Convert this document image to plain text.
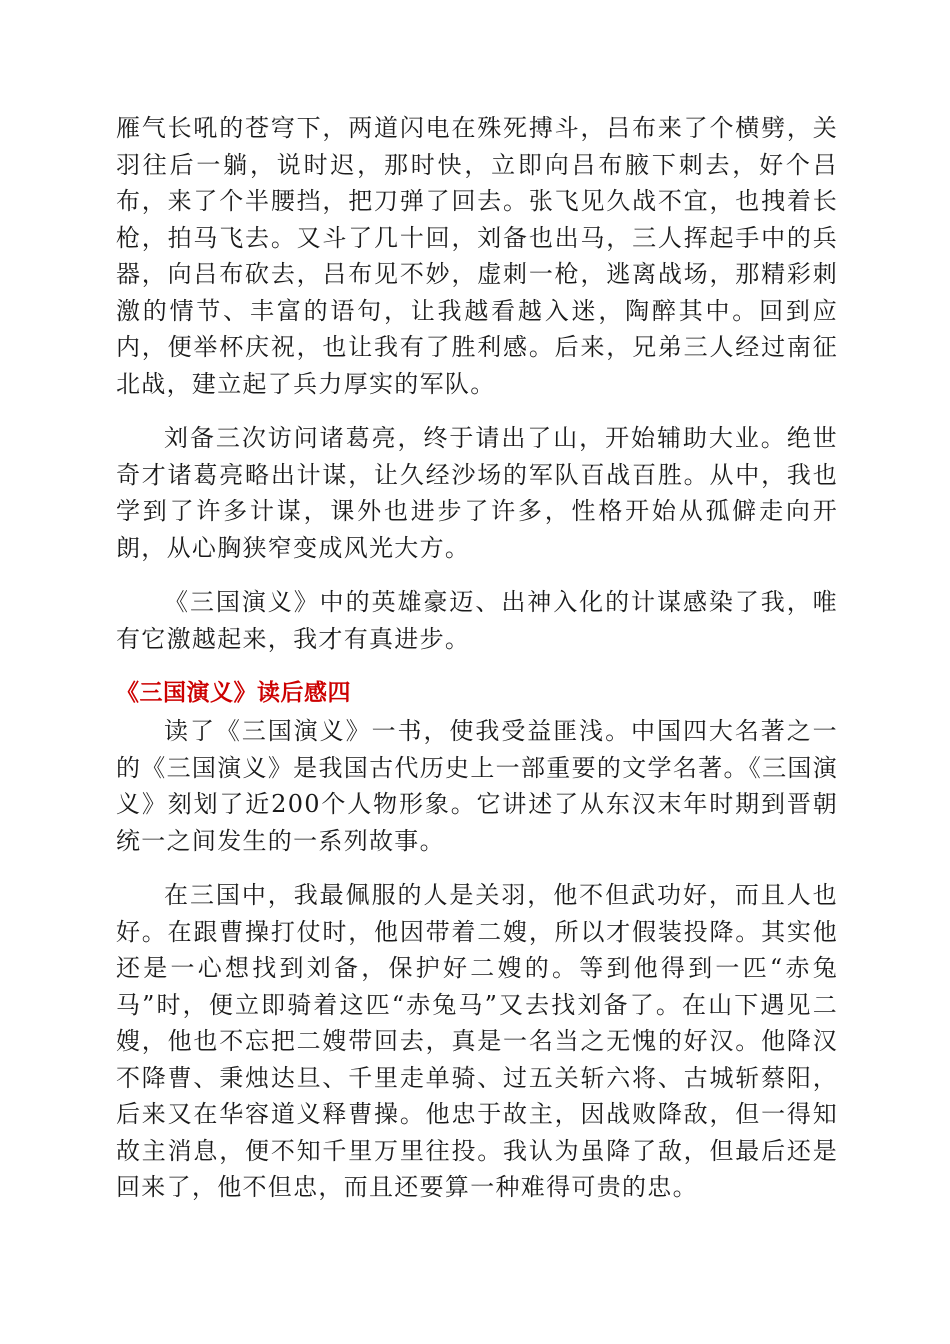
雁气长吼的苍穹下，两道闪电在殊死搏斗，吕布来了个横劈，关羽往后一躺，说时迟，那时快，立即向吕布腋下刺去，好个吕布，来了个半腰挡，把刀弹了回去。张飞见久战不宜，也拽着长枪，拍马飞去。又斗了几十回，刘备也出马，三人挥起手中的兵器，向吕布砍去，吕布见不妙，虚刺一枪，逃离战场，那精彩刺激的情节、丰富的语句，让我越看越入迷，陶醉其中。回到应内，便举杯庆祝，也让我有了胜利感。后来，兄弟三人经过南征北战，建立起了兵力厚实的军队。

刘备三次访问诸葛亮，终于请出了山，开始辅助大业。绝世奇才诸葛亮略出计谋，让久经沙场的军队百战百胜。从中，我也学到了许多计谋，课外也进步了许多，性格开始从孤僻走向开朗，从心胸狭窄变成风光大方。

《三国演义》中的英雄豪迈、出神入化的计谋感染了我，唯有它激越起来，我才有真进步。

《三国演义》读后感四

读了《三国演义》一书，使我受益匪浅。中国四大名著之一的《三国演义》是我国古代历史上一部重要的文学名著。《三国演义》刻划了近200个人物形象。它讲述了从东汉末年时期到晋朝统一之间发生的一系列故事。

在三国中，我最佩服的人是关羽，他不但武功好，而且人也好。在跟曹操打仗时，他因带着二嫂，所以才假装投降。其实他还是一心想找到刘备，保护好二嫂的。等到他得到一匹“赤兔马”时，便立即骑着这匹“赤兔马”又去找刘备了。在山下遇见二嫂，他也不忘把二嫂带回去，真是一名当之无愧的好汉。他降汉不降曹、秉烛达旦、千里走单骑、过五关斩六将、古城斩蔡阳，后来又在华容道义释曹操。他忠于故主，因战败降敌，但一得知故主消息，便不知千里万里往投。我认为虽降了敌，但最后还是回来了，他不但忠，而且还要算一种难得可贵的忠。
